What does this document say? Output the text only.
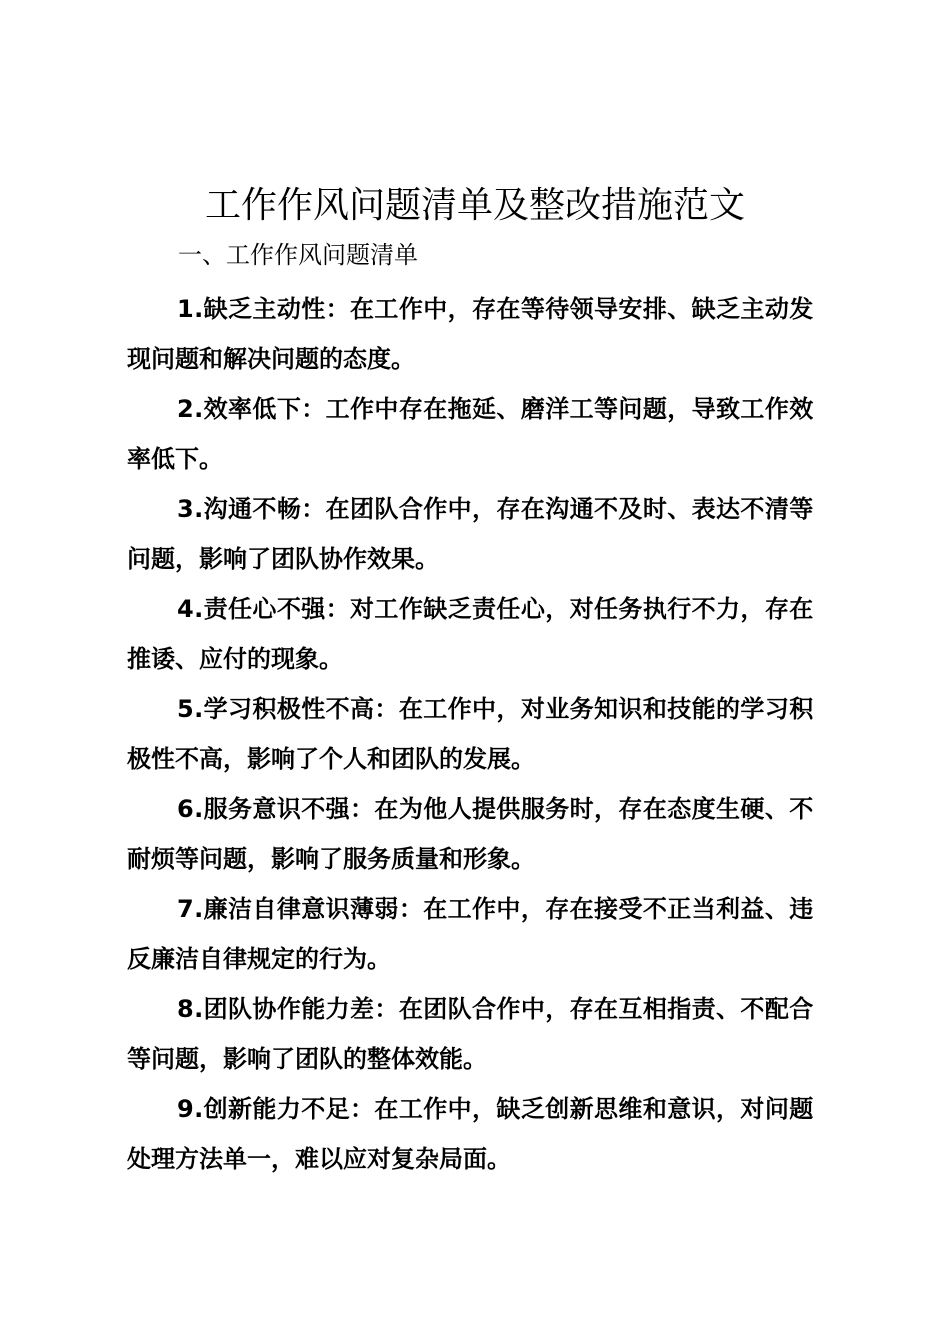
工作作风问题清单及整改措施范文
一、工作作风问题清单

1.缺乏主动性：在工作中，存在等待领导安排、缺乏主动发
现问题和解决问题的态度。

2.效率低下：工作中存在拖延、磨洋工等问题，导致工作效
率低下。

3.沟通不畅：在团队合作中，存在沟通不及时、表达不清等
问题，影响了团队协作效果。

4.责任心不强：对工作缺乏责任心，对任务执行不力，存在
推诿、应付的现象。

5.学习积极性不高：在工作中，对业务知识和技能的学习积
极性不高，影响了个人和团队的发展。

6.服务意识不强：在为他人提供服务时，存在态度生硬、不
耐烦等问题，影响了服务质量和形象。

7.廉洁自律意识薄弱：在工作中，存在接受不正当利益、违
反廉洁自律规定的行为。

8.团队协作能力差：在团队合作中，存在互相指责、不配合
等问题，影响了团队的整体效能。

9.创新能力不足：在工作中，缺乏创新思维和意识，对问题
处理方法单一，难以应对复杂局面。
